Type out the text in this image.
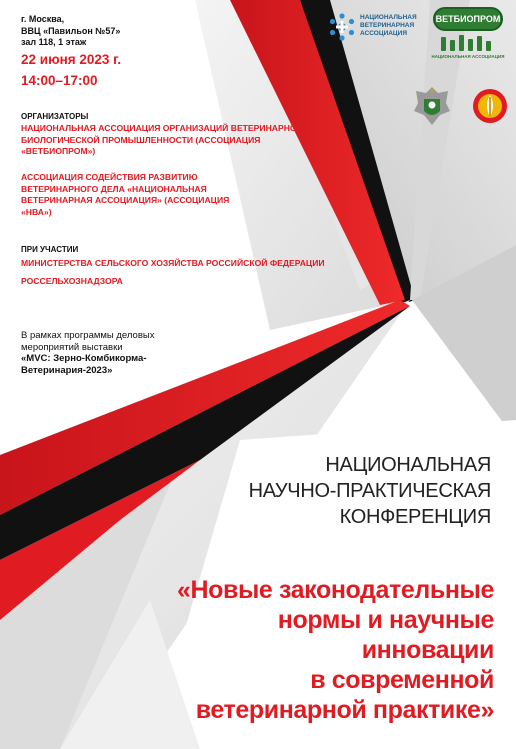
г. Москва,
ВВЦ «Павильон №57»
зал 118, 1 этаж
22 июня 2023 г.
14:00–17:00
ОРГАНИЗАТОРЫ
НАЦИОНАЛЬНАЯ АССОЦИАЦИЯ ОРГАНИЗАЦИЙ ВЕТЕРИНАРНО-БИОЛОГИЧЕСКОЙ ПРОМЫШЛЕННОСТИ (АССОЦИАЦИЯ «ВЕТБИОПРОМ»)
АССОЦИАЦИЯ СОДЕЙСТВИЯ РАЗВИТИЮ ВЕТЕРИНАРНОГО ДЕЛА «НАЦИОНАЛЬНАЯ ВЕТЕРИНАРНАЯ АССОЦИАЦИЯ» (АССОЦИАЦИЯ «НВА»)
ПРИ УЧАСТИИ
МИНИСТЕРСТВА СЕЛЬСКОГО ХОЗЯЙСТВА РОССИЙСКОЙ ФЕДЕРАЦИИ
РОССЕЛЬХОЗНАДЗОРА
В рамках программы деловых
мероприятий выставки
«MVC: Зерно-Комбикорма-
Ветеринария-2023»
НАЦИОНАЛЬНАЯ
НАУЧНО-ПРАКТИЧЕСКАЯ
КОНФЕРЕНЦИЯ
«Новые законодательные
нормы и научные
инновации
в современной
ветеринарной практике»
НАЦИОНАЛЬНАЯ
ВЕТЕРИНАРНАЯ
АССОЦИАЦИЯ
ВЕТБИОПРОМ
НАЦИОНАЛЬНАЯ АССОЦИАЦИЯ
